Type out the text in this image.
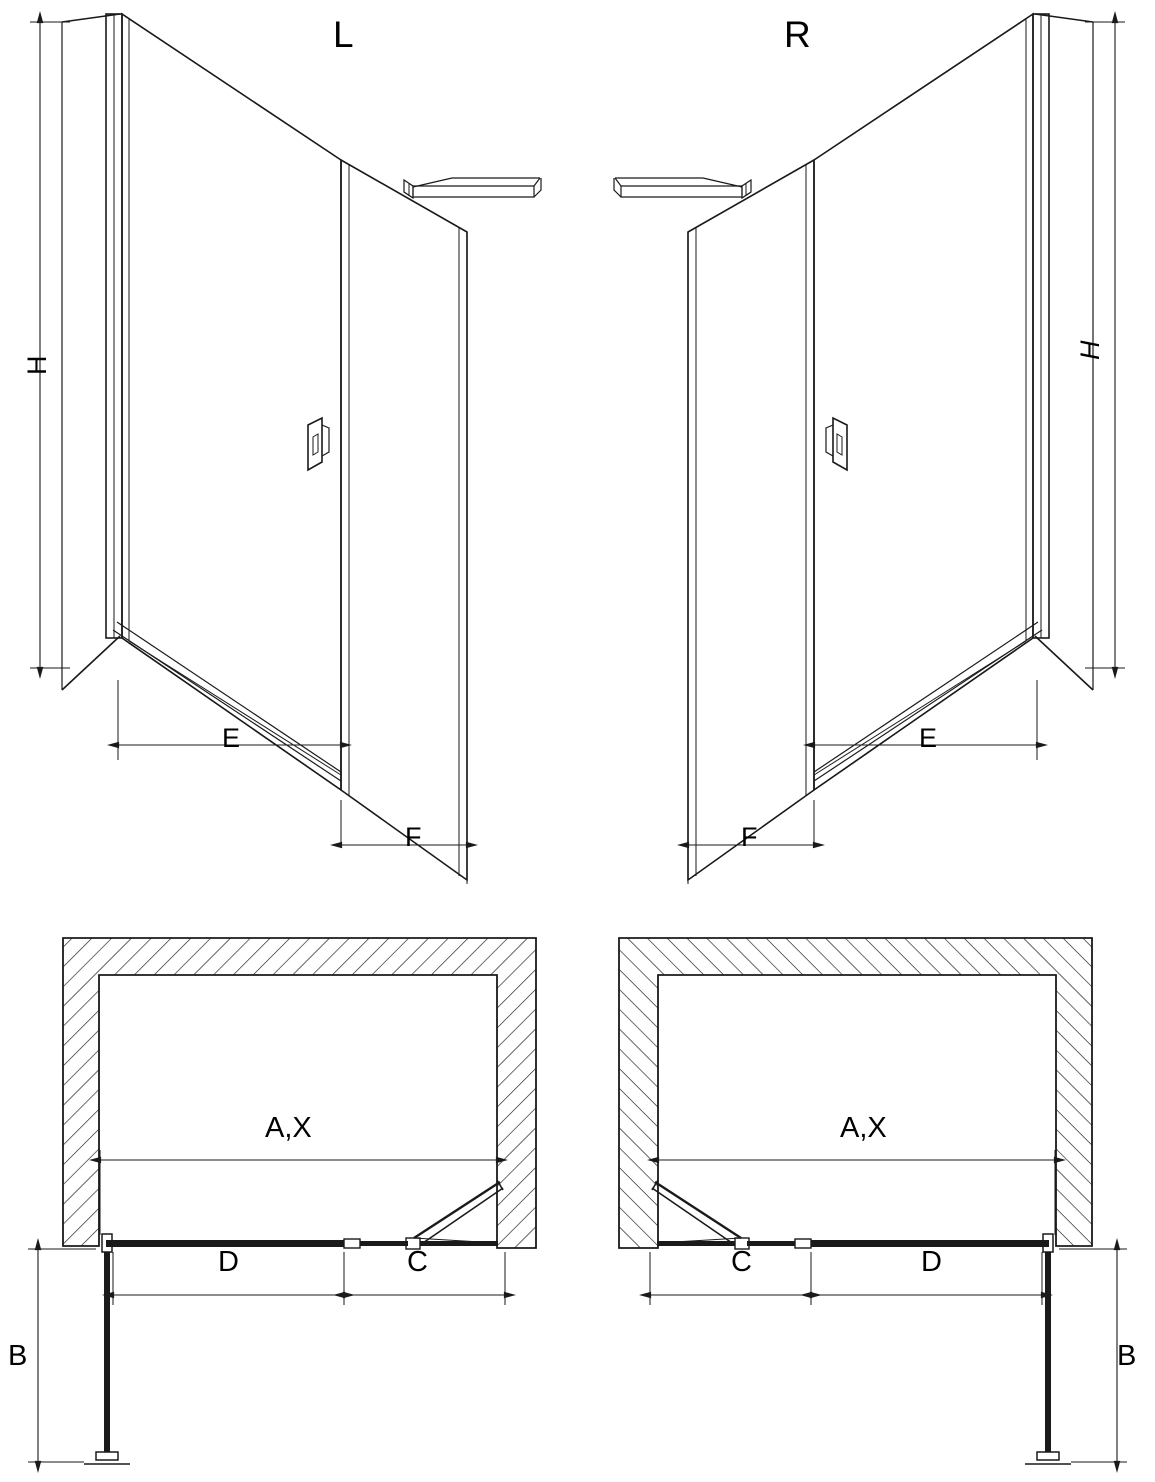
L	R
H
H
E
F
E
F
A,X	A,X
D	C	C	D
B	B
